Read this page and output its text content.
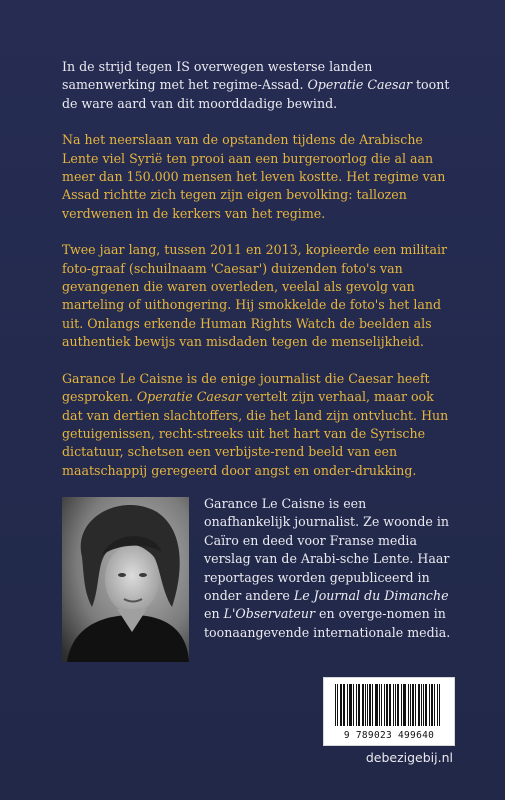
In de strijd tegen IS overwegen westerse landen samenwerking met het regime-Assad. Operatie Caesar toont de ware aard van dit moorddadige bewind.

Na het neerslaan van de opstanden tijdens de Arabische Lente viel Syrië ten prooi aan een burgeroorlog die al aan meer dan 150.000 mensen het leven kostte. Het regime van Assad richtte zich tegen zijn eigen bevolking: tallozen verdwenen in de kerkers van het regime.

Twee jaar lang, tussen 2011 en 2013, kopieerde een militair foto-graaf (schuilnaam 'Caesar') duizenden foto's van gevangenen die waren overleden, veelal als gevolg van marteling of uithongering. Hij smokkelde de foto's het land uit. Onlangs erkende Human Rights Watch de beelden als authentiek bewijs van misdaden tegen de menselijkheid.

Garance Le Caisne is de enige journalist die Caesar heeft gesproken. Operatie Caesar vertelt zijn verhaal, maar ook dat van dertien slachtoffers, die het land zijn ontvlucht. Hun getuigenissen, recht-streeks uit het hart van de Syrische dictatuur, schetsen een verbijste-rend beeld van een maatschappij geregeerd door angst en onder-drukking.

Garance Le Caisne is een onafhankelijk journalist. Ze woonde in Caïro en deed voor Franse media verslag van de Arabi-sche Lente. Haar reportages worden gepubliceerd in onder andere Le Journal du Dimanche en L'Observateur en overge-nomen in toonaangevende internationale media.
9 789023 499640
debezigebij.nl
